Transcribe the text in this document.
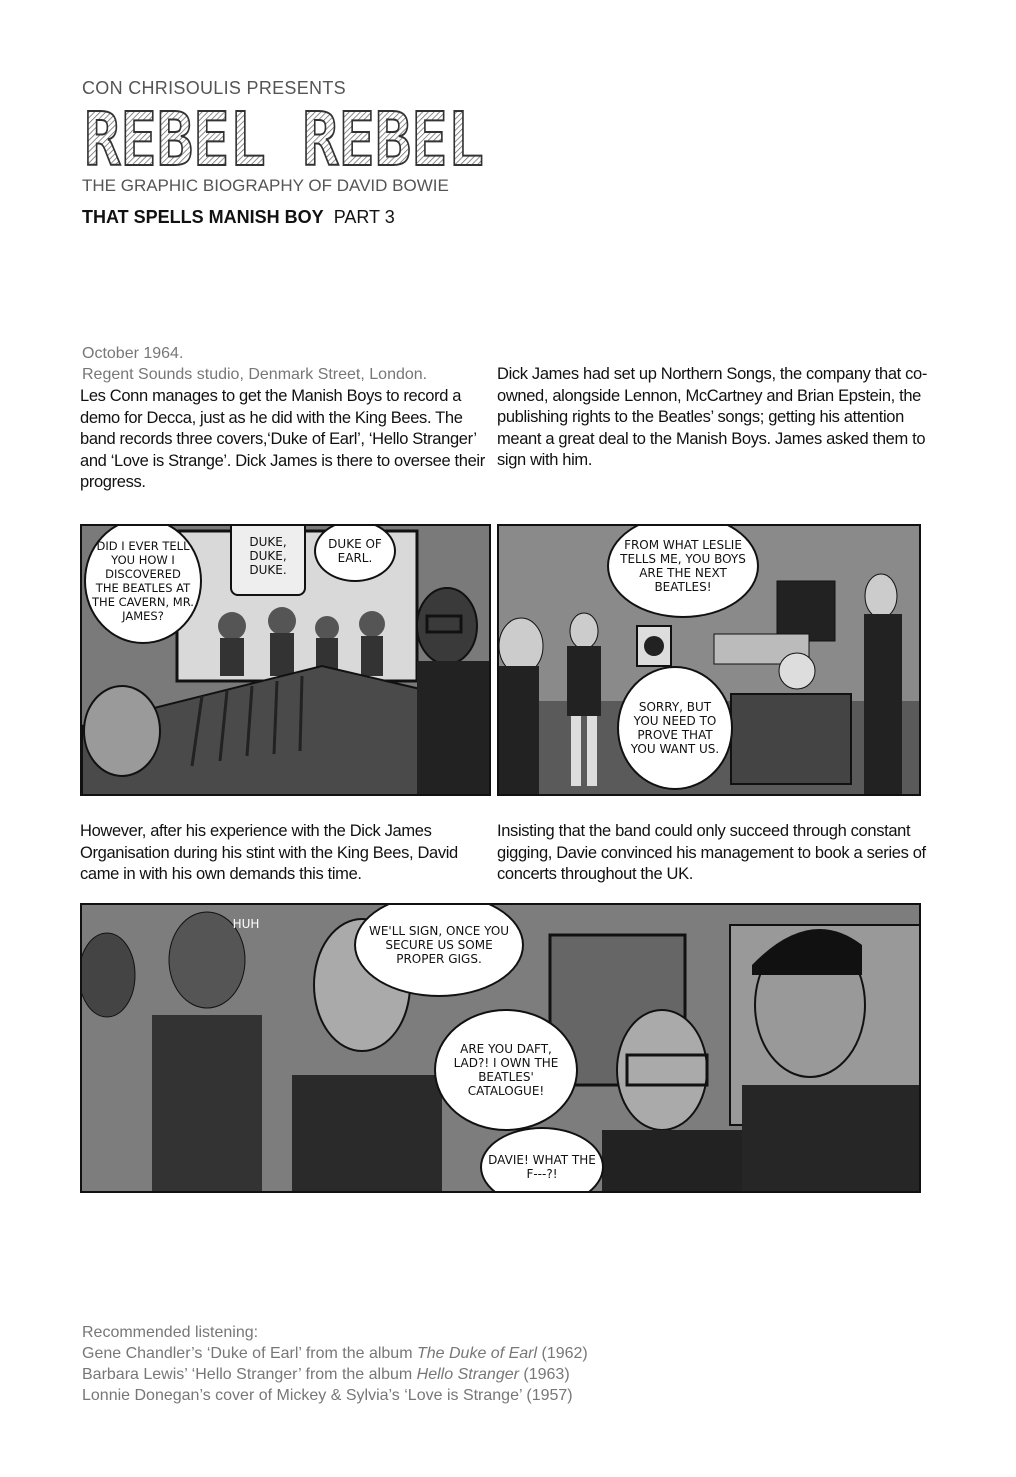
CON CHRISOULIS PRESENTS
REBEL REBEL
THE GRAPHIC BIOGRAPHY OF DAVID BOWIE
THAT SPELLS MANISH BOY PART 3
October 1964.
Regent Sounds studio, Denmark Street, London.
Les Conn manages to get the Manish Boys to record a demo for Decca, just as he did with the King Bees. The band records three covers,‘Duke of Earl’, ‘Hello Stranger’ and ‘Love is Strange’. Dick James is there to oversee their progress.
Dick James had set up Northern Songs, the company that co-owned, alongside Lennon, McCartney and Brian Epstein, the publishing rights to the Beatles’ songs; getting his attention meant a great deal to the Manish Boys. James asked them to sign with him.
DID I EVER TELL YOU HOW I DISCOVERED THE BEATLES AT THE CAVERN, MR. JAMES?
DUKE, DUKE, DUKE.
DUKE OF EARL.
FROM WHAT LESLIE TELLS ME, YOU BOYS ARE THE NEXT BEATLES!
SORRY, BUT YOU NEED TO PROVE THAT YOU WANT US.
However, after his experience with the Dick James Organisation during his stint with the King Bees, David came in with his own demands this time.
Insisting that the band could only succeed through constant gigging, Davie convinced his management to book a series of concerts throughout the UK.
HUH	WE'LL SIGN, ONCE YOU SECURE US SOME PROPER GIGS.
ARE YOU DAFT, LAD?! I OWN THE BEATLES' CATALOGUE!
DAVIE! WHAT THE F---?!
Recommended listening:
Gene Chandler’s ‘Duke of Earl’ from the album The Duke of Earl (1962)
Barbara Lewis’ ‘Hello Stranger’ from the album Hello Stranger (1963)
Lonnie Donegan’s cover of Mickey & Sylvia’s ‘Love is Strange’ (1957)
